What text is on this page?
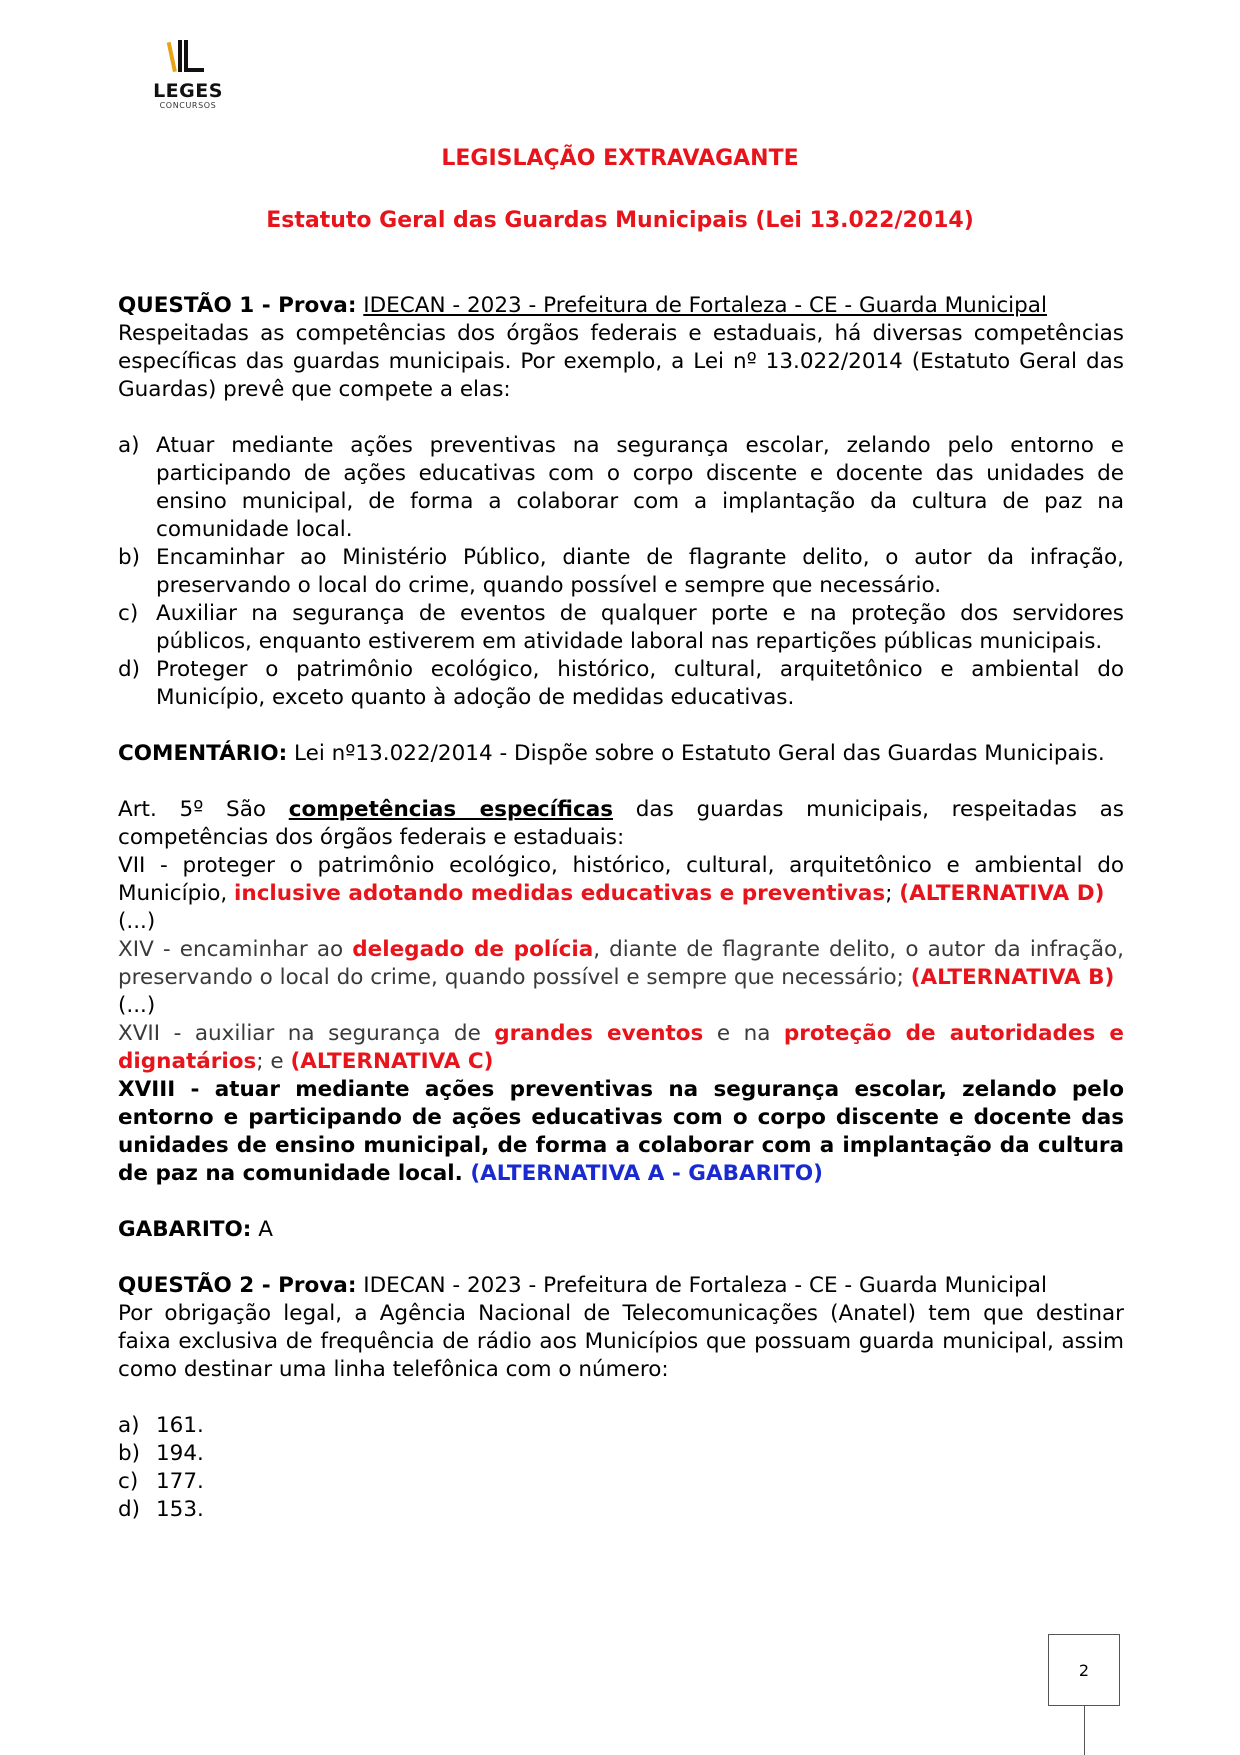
LEGES
CONCURSOS
LEGISLAÇÃO EXTRAVAGANTE
Estatuto Geral das Guardas Municipais (Lei 13.022/2014)

QUESTÃO 1 - Prova: IDECAN - 2023 - Prefeitura de Fortaleza - CE - Guarda Municipal

Respeitadas as competências dos órgãos federais e estaduais, há diversas competências específicas das guardas municipais. Por exemplo, a Lei nº 13.022/2014 (Estatuto Geral das Guardas) prevê que compete a elas:

a) Atuar mediante ações preventivas na segurança escolar, zelando pelo entorno e participando de ações educativas com o corpo discente e docente das unidades de ensino municipal, de forma a colaborar com a implantação da cultura de paz na comunidade local.
b) Encaminhar ao Ministério Público, diante de flagrante delito, o autor da infração, preservando o local do crime, quando possível e sempre que necessário.
c) Auxiliar na segurança de eventos de qualquer porte e na proteção dos servidores públicos, enquanto estiverem em atividade laboral nas repartições públicas municipais.
d) Proteger o patrimônio ecológico, histórico, cultural, arquitetônico e ambiental do Município, exceto quanto à adoção de medidas educativas.

COMENTÁRIO: Lei nº13.022/2014 - Dispõe sobre o Estatuto Geral das Guardas Municipais.

Art. 5º São competências específicas das guardas municipais, respeitadas as competências dos órgãos federais e estaduais:

VII - proteger o patrimônio ecológico, histórico, cultural, arquitetônico e ambiental do Município, inclusive adotando medidas educativas e preventivas; (ALTERNATIVA D)

(...)

XIV - encaminhar ao delegado de polícia, diante de flagrante delito, o autor da infração, preservando o local do crime, quando possível e sempre que necessário; (ALTERNATIVA B)

(...)

XVII - auxiliar na segurança de grandes eventos e na proteção de autoridades e dignatários; e (ALTERNATIVA C)

XVIII - atuar mediante ações preventivas na segurança escolar, zelando pelo entorno e participando de ações educativas com o corpo discente e docente das unidades de ensino municipal, de forma a colaborar com a implantação da cultura de paz na comunidade local. (ALTERNATIVA A - GABARITO)

GABARITO: A

QUESTÃO 2 - Prova: IDECAN - 2023 - Prefeitura de Fortaleza - CE - Guarda Municipal

Por obrigação legal, a Agência Nacional de Telecomunicações (Anatel) tem que destinar faixa exclusiva de frequência de rádio aos Municípios que possuam guarda municipal, assim como destinar uma linha telefônica com o número:

a) 161.
b) 194.
c) 177.
d) 153.
2
